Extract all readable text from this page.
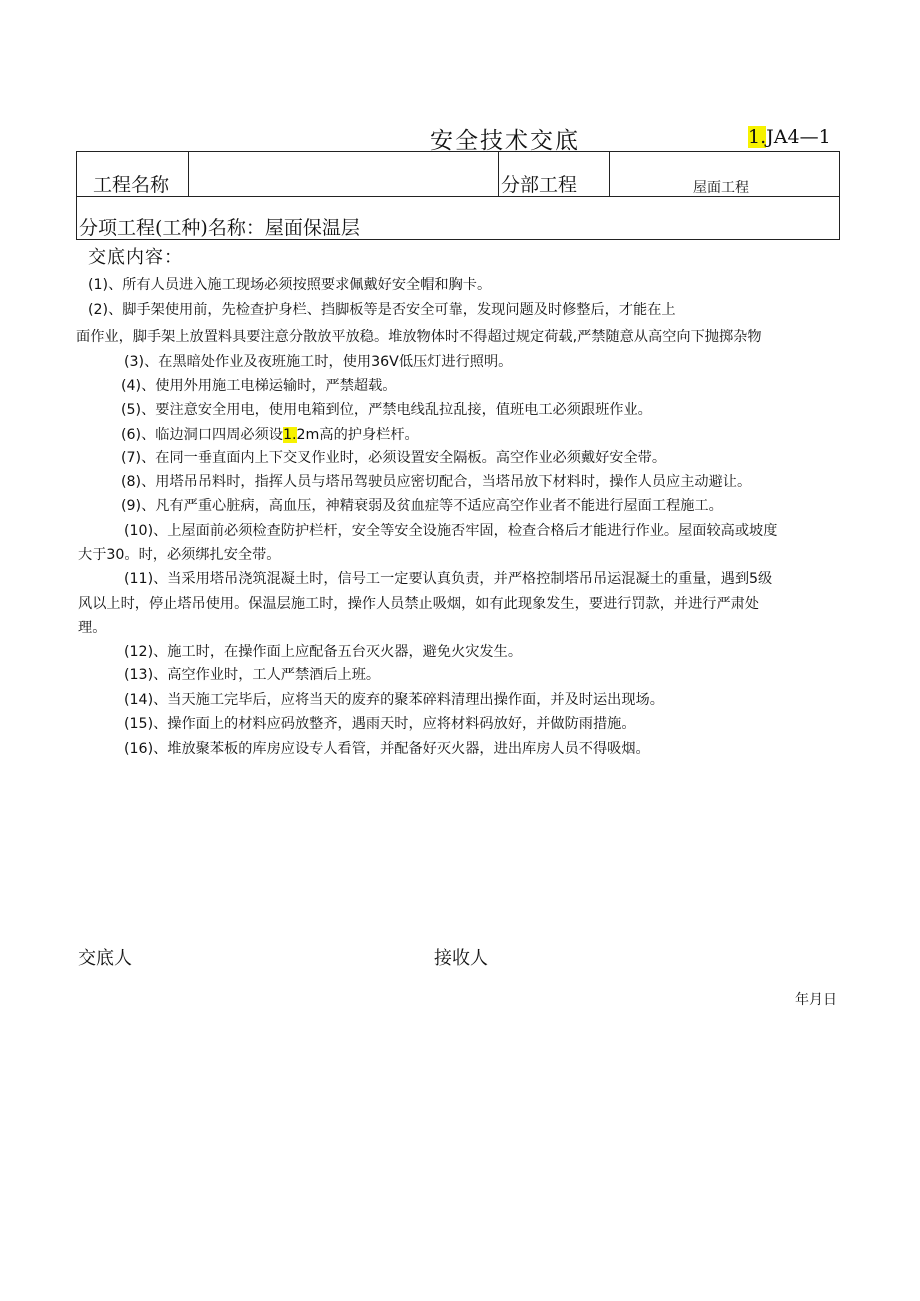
安全技术交底	1.JA4—1
工程名称	分部工程	屋面工程
分项工程(工种)名称：屋面保温层
交底内容：
(1)、所有人员进入施工现场必须按照要求佩戴好安全帽和胸卡。
(2)、脚手架使用前，先检查护身栏、挡脚板等是否安全可靠，发现问题及时修整后，才能在上
面作业，脚手架上放置料具要注意分散放平放稳。堆放物体时不得超过规定荷载,严禁随意从高空向下抛掷杂物
(3)、在黑暗处作业及夜班施工时，使用36V低压灯进行照明。
(4)、使用外用施工电梯运输时，严禁超载。
(5)、要注意安全用电，使用电箱到位，严禁电线乱拉乱接，值班电工必须跟班作业。
(6)、临边洞口四周必须设1.2m高的护身栏杆。
(7)、在同一垂直面内上下交叉作业时，必须设置安全隔板。高空作业必须戴好安全带。
(8)、用塔吊吊料时，指挥人员与塔吊驾驶员应密切配合，当塔吊放下材料时，操作人员应主动避让。
(9)、凡有严重心脏病，高血压，神精衰弱及贫血症等不适应高空作业者不能进行屋面工程施工。
(10)、上屋面前必须检查防护栏杆，安全等安全设施否牢固，检查合格后才能进行作业。屋面较高或坡度
大于30。时，必须绑扎安全带。
(11)、当采用塔吊浇筑混凝土时，信号工一定要认真负责，并严格控制塔吊吊运混凝土的重量，遇到5级
风以上时，停止塔吊使用。保温层施工时，操作人员禁止吸烟，如有此现象发生，要进行罚款，并进行严肃处
理。
(12)、施工时，在操作面上应配备五台灭火器，避免火灾发生。
(13)、高空作业时，工人严禁酒后上班。
(14)、当天施工完毕后，应将当天的废弃的聚苯碎料清理出操作面，并及时运出现场。
(15)、操作面上的材料应码放整齐，遇雨天时，应将材料码放好，并做防雨措施。
(16)、堆放聚苯板的库房应设专人看管，并配备好灭火器，进出库房人员不得吸烟。
交底人	接收人
年月日
